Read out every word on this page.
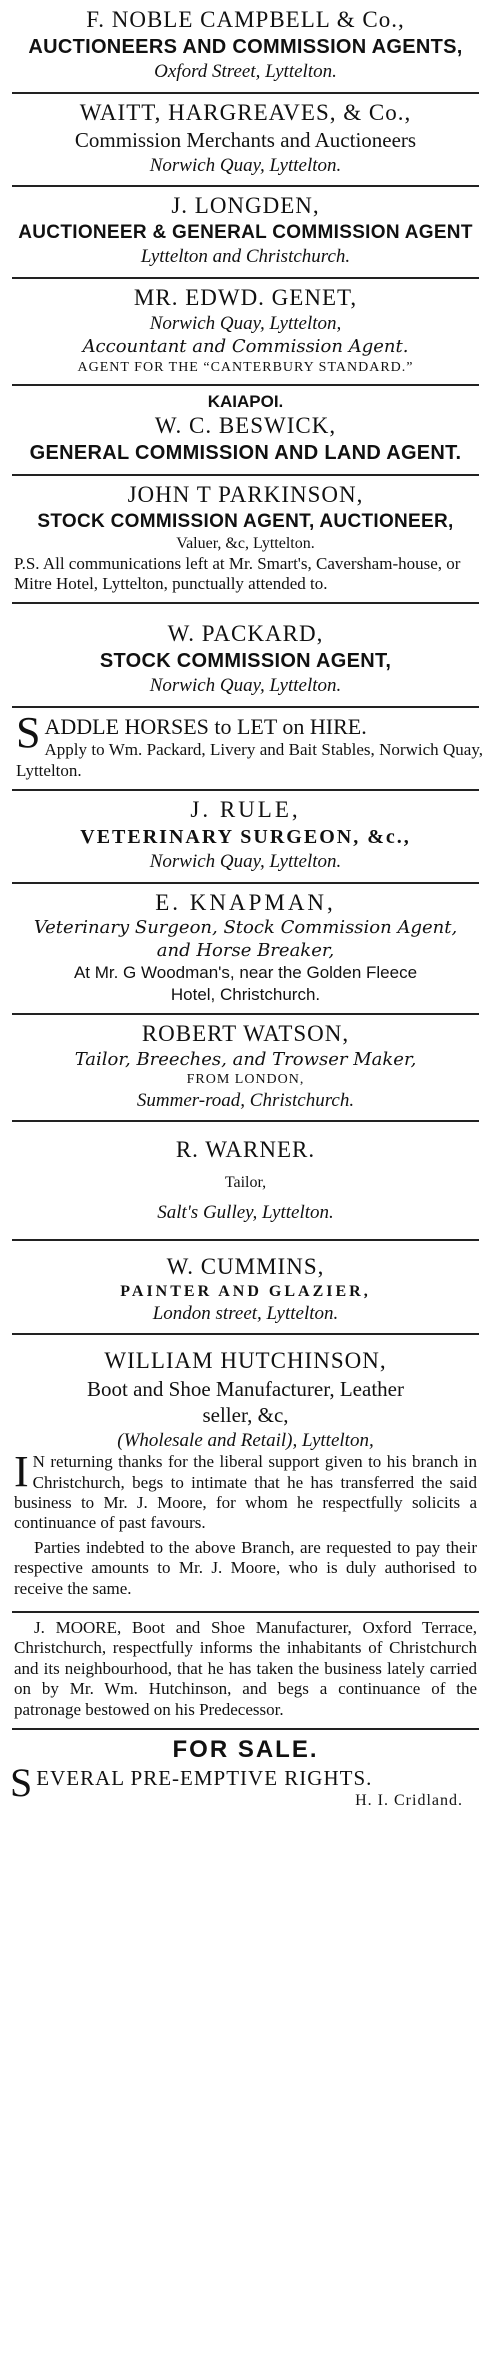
F. NOBLE CAMPBELL & Co.,
AUCTIONEERS AND COMMISSION AGENTS,
Oxford Street, Lyttelton.
WAITT, HARGREAVES, & Co.,
Commission Merchants and Auctioneers
Norwich Quay, Lyttelton.
J. LONGDEN,
AUCTIONEER & GENERAL COMMISSION AGENT
Lyttelton and Christchurch.
MR. EDWD. GENET,
Norwich Quay, Lyttelton,
Accountant and Commission Agent.
AGENT FOR THE “CANTERBURY STANDARD.”
KAIAPOI.
W. C. BESWICK,
GENERAL COMMISSION AND LAND AGENT.
JOHN T PARKINSON,
STOCK COMMISSION AGENT, AUCTIONEER,
Valuer, &c, Lyttelton.
P.S. All communications left at Mr. Smart's, Caversham-house, or Mitre Hotel, Lyttelton, punctually attended to.
W. PACKARD,
STOCK COMMISSION AGENT,
Norwich Quay, Lyttelton.
S ADDLE HORSES to LET on HIRE.
Apply to Wm. Packard, Livery and Bait Stables, Norwich Quay, Lyttelton.
J. RULE,
VETERINARY SURGEON, &c.,
Norwich Quay, Lyttelton.
E. KNAPMAN,
Veterinary Surgeon, Stock Commission Agent,
and Horse Breaker,
At Mr. G Woodman's, near the Golden Fleece
Hotel, Christchurch.
ROBERT WATSON,
Tailor, Breeches, and Trowser Maker,
FROM LONDON,
Summer-road, Christchurch.
R. WARNER.
Tailor,
Salt's Gulley, Lyttelton.
W. CUMMINS,
PAINTER AND GLAZIER,
London street, Lyttelton.
WILLIAM HUTCHINSON,
Boot and Shoe Manufacturer, Leather
seller, &c,
(Wholesale and Retail), Lyttelton,

I N returning thanks for the liberal support given to his branch in Christchurch, begs to intimate that he has transferred the said business to Mr. J. Moore, for whom he respectfully solicits a continuance of past favours.

Parties indebted to the above Branch, are requested to pay their respective amounts to Mr. J. Moore, who is duly authorised to receive the same.

J. MOORE, Boot and Shoe Manufacturer, Oxford Terrace, Christchurch, respectfully informs the inhabitants of Christchurch and its neighbourhood, that he has taken the business lately carried on by Mr. Wm. Hutchinson, and begs a continuance of the patronage bestowed on his Predecessor.
FOR SALE.
S EVERAL PRE-EMPTIVE RIGHTS.
H. I. Cridland.
